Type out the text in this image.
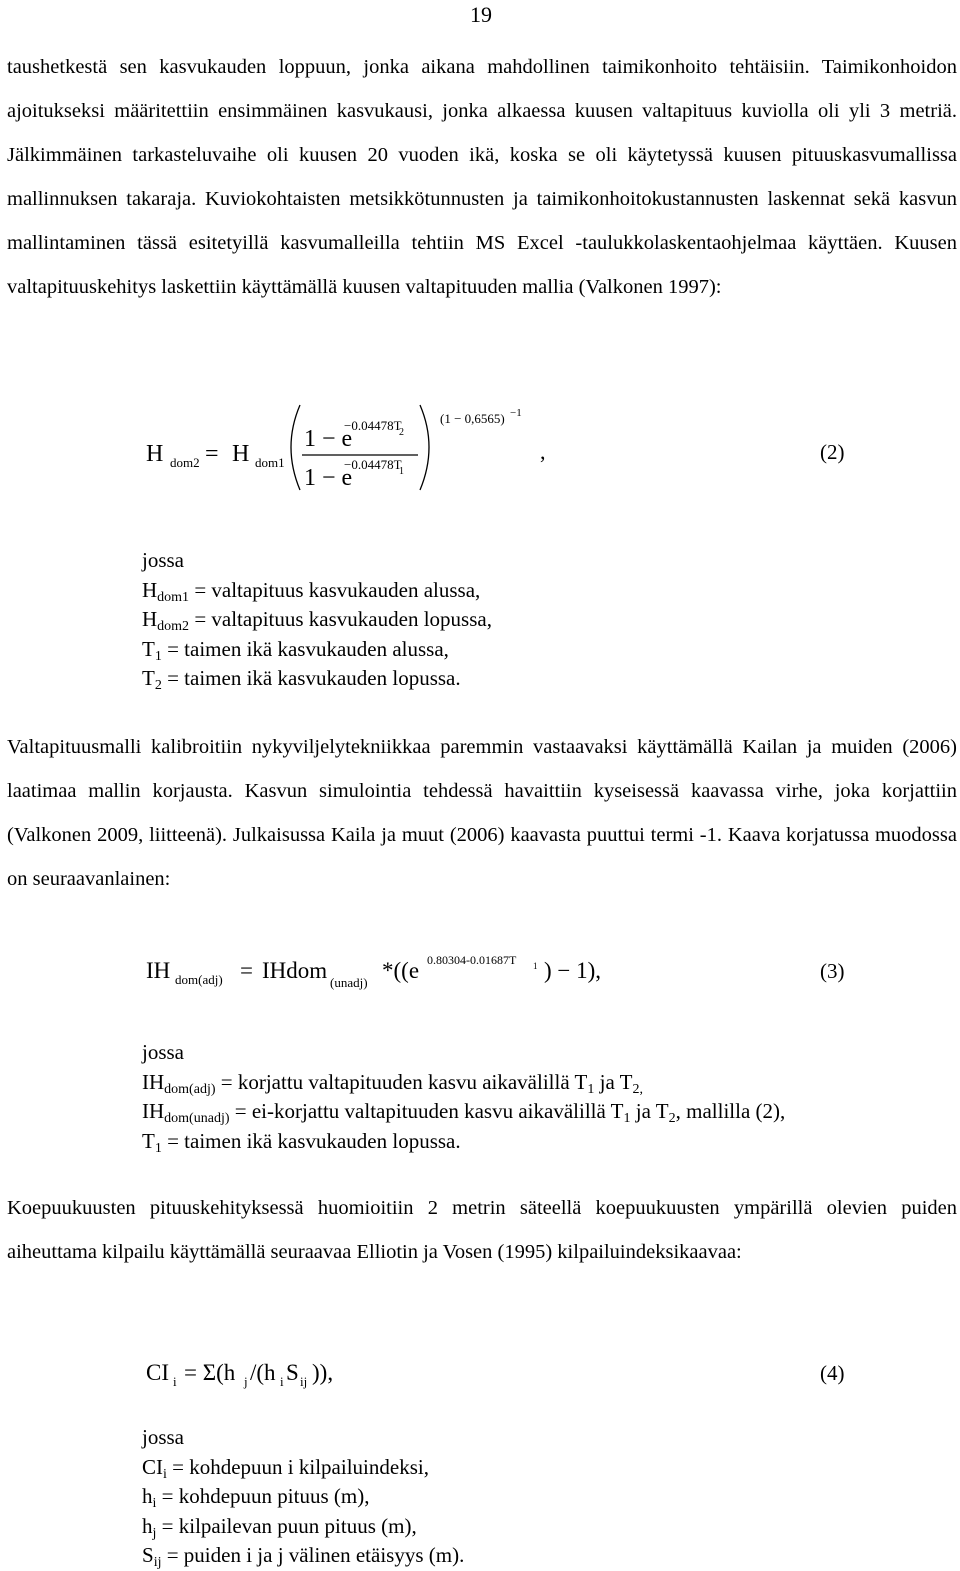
19

taushetkestä sen kasvukauden loppuun, jonka aikana mahdollinen taimikonhoito tehtäisiin. Taimikonhoidon ajoitukseksi määritettiin ensimmäinen kasvukausi, jonka alkaessa kuusen valtapituus kuviolla oli yli 3 metriä. Jälkimmäinen tarkasteluvaihe oli kuusen 20 vuoden ikä, koska se oli käytetyssä kuusen pituuskasvumallissa mallinnuksen takaraja. Kuviokohtaisten metsikkötunnusten ja taimikonhoitokustannusten laskennat sekä kasvun mallintaminen tässä esitetyillä kasvumalleilla tehtiin MS Excel -taulukkolaskentaohjelmaa käyttäen. Kuusen valtapituuskehitys laskettiin käyttämällä kuusen valtapituuden mallia (Valkonen 1997):

H dom2 = H dom1
1 − e
−0.04478T
2
1 − e
−0.04478T
1
(1 − 0,6565) −1
,	(2)
jossa
$H_{dom1}$ = valtapituus kasvukauden alussa,
$H_{dom2}$ = valtapituus kasvukauden lopussa,
$T_1$ = taimen ikä kasvukauden alussa,
$T_2$ = taimen ikä kasvukauden lopussa.

Valtapituusmalli kalibroitiin nykyviljelytekniikkaa paremmin vastaavaksi käyttämällä Kailan ja muiden (2006) laatimaa mallin korjausta. Kasvun simulointia tehdessä havaittiin kyseisessä kaavassa virhe, joka korjattiin (Valkonen 2009, liitteenä). Julkaisussa Kaila ja muut (2006) kaavasta puuttui termi -1. Kaava korjatussa muodossa on seuraavanlainen:

IH dom(adj) = IHdom (unadj) *((e 0.80304-0.01687T 1 ) − 1),	(3)
jossa
$IH_{dom(adj)}$ = korjattu valtapituuden kasvu aikavälillä $T_1$ ja $T_{2,}$
$IH_{dom(unadj)}$ = ei-korjattu valtapituuden kasvu aikavälillä $T_1$ ja $T_2$, mallilla (2),
$T_1$ = taimen ikä kasvukauden lopussa.

Koepuukuusten pituuskehityksessä huomioitiin 2 metrin säteellä koepuukuusten ympärillä olevien puiden aiheuttama kilpailu käyttämällä seuraavaa Elliotin ja Vosen (1995) kilpailuindeksikaavaa:

CI i = Σ(h j /(h i S ij )),	(4)
jossa
$CI_i$ = kohdepuun i kilpailuindeksi,
$h_i$ = kohdepuun pituus (m),
$h_j$ = kilpailevan puun pituus (m),
$S_{ij}$ = puiden i ja j välinen etäisyys (m).
